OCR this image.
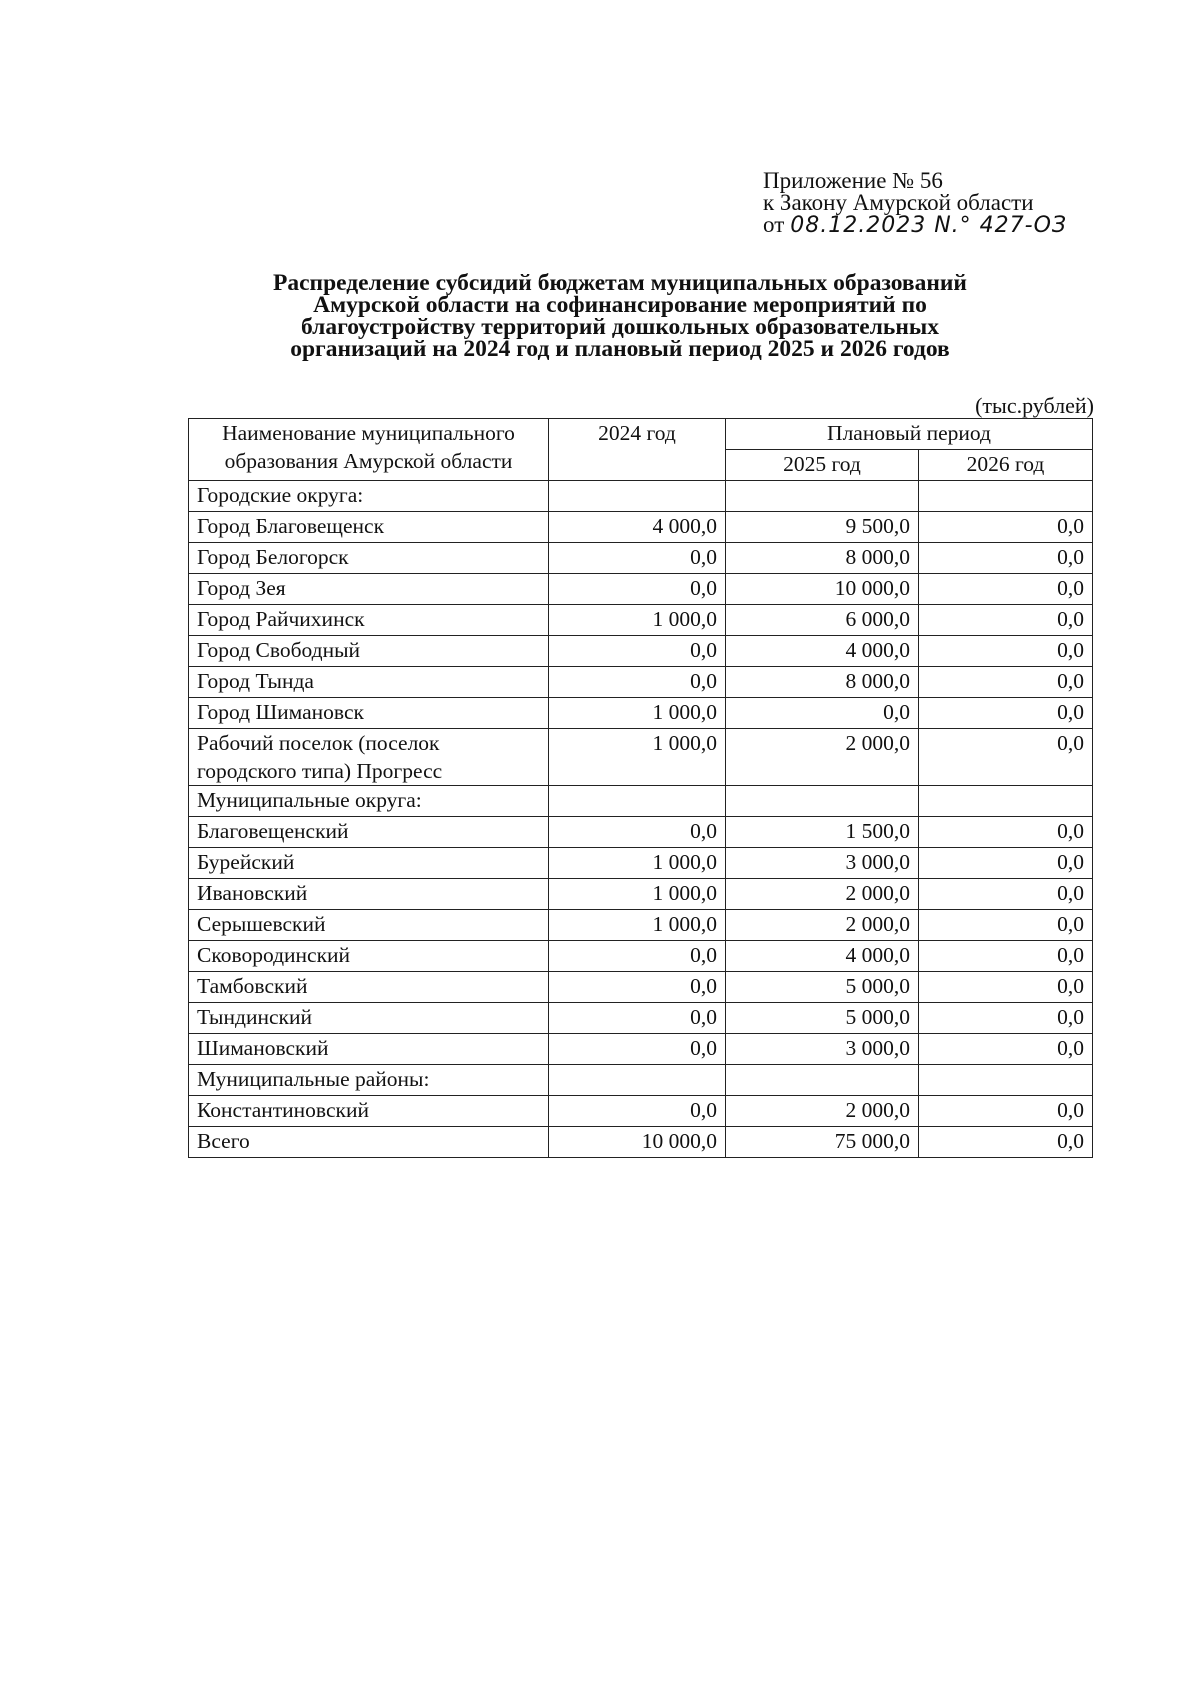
Приложение № 56
к Закону Амурской области
от 08.12.2023 N.° 427-ОЗ
Распределение субсидий бюджетам муниципальных образований
Амурской области на софинансирование мероприятий по
благоустройству территорий дошкольных образовательных
организаций на 2024 год и плановый период 2025 и 2026 годов
(тыс.рублей)
Наименование муниципального
образования Амурской области	2024 год	Плановый период	
		2025 год	2026 год
Городские округа:			
Город Благовещенск	4 000,0	9 500,0	0,0
Город Белогорск	0,0	8 000,0	0,0
Город Зея	0,0	10 000,0	0,0
Город Райчихинск	1 000,0	6 000,0	0,0
Город Свободный	0,0	4 000,0	0,0
Город Тында	0,0	8 000,0	0,0
Город Шимановск	1 000,0	0,0	0,0

Рабочий поселок (поселок
городского типа) Прогресс	1 000,0	2 000,0	0,0
Муниципальные округа:			
Благовещенский	0,0	1 500,0	0,0
Бурейский	1 000,0	3 000,0	0,0
Ивановский	1 000,0	2 000,0	0,0
Серышевский	1 000,0	2 000,0	0,0
Сковородинский	0,0	4 000,0	0,0
Тамбовский	0,0	5 000,0	0,0
Тындинский	0,0	5 000,0	0,0
Шимановский	0,0	3 000,0	0,0
Муниципальные районы:			
Константиновский	0,0	2 000,0	0,0
Всего	10 000,0	75 000,0	0,0
